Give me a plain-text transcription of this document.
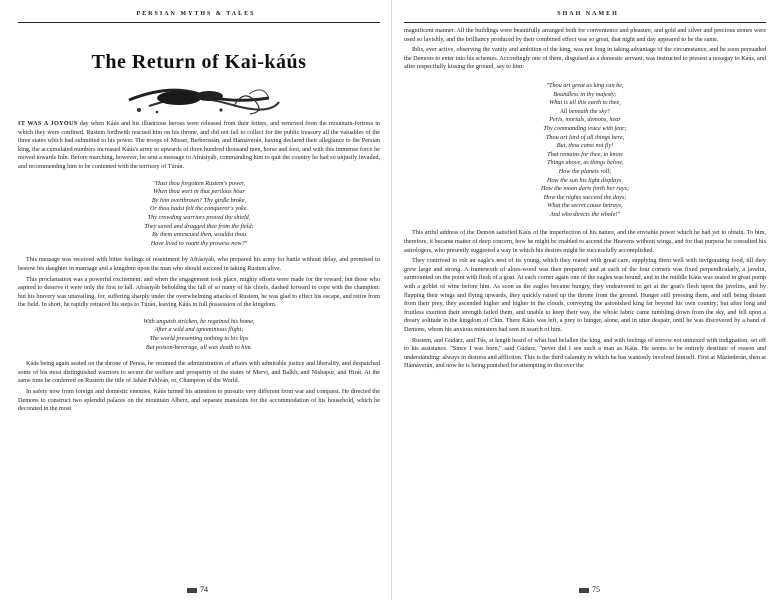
PERSIAN MYTHS & TALES
The Return of Kai-káús

IT WAS A JOYOUS day when Káús and his illustrious heroes were released from their fetters, and removed from the mountain-fortress in which they were confined. Rustem forthwith rescued him on his throne, and did not fail to collect for the public treasury all the valuables of the three states which had submitted to his power. The troops of Misser, Berberistán, and Hámáverán, having declared their allegiance to the Persian king, the accumulated numbers increased Káús's army to upwards of three hundred thousand men, horse and foot, and with this immense force he moved towards Irán. Before marching, however, he sent a message to Afrásiyáb, commanding him to quit the country he had so unjustly invaded, and recommending him to be contented with the territory of Túrán.

"Hast thou forgotten Rustem's power,
When thou wert in that perilous hour
By him overthrown? Thy girdle broke,
Or thou hadst felt the conqueror's yoke.
Thy crowding warriors proved thy shield,
They saved and dragged thee from the field;
By them unrescued then, wouldst thou
Have lived to vaunt thy prowess now?"

This message was received with bitter feelings of resentment by Afrásiyáb, who prepared his army for battle without delay, and promised to bestow his daughter in marriage and a kingdom upon the man who should succeed in taking Rustem alive.

This proclamation was a powerful excitement: and when the engagement took place, mighty efforts were made for the reward; but those who aspired to deserve it were only the first to fall. Afrásiyáb beholding the fall of so many of his chiefs, dashed forward to cope with the champion: but his bravery was unavailing, for, suffering sharply under the overwhelming attacks of Rustem, he was glad to effect his escape, and retire from the field. In short, he rapidly retraced his steps to Túrán, leaving Káús in full possession of the kingdom.

With anguish stricken, he regained his home,
After a wild and ignominious flight;
The world presenting nothing to his lips
But poison-beverage, all was death to him.

Káús being again seated on the throne of Persia, he resumed the administration of affairs with admirable justice and liberality, and despatched some of his most distinguished warriors to secure the welfare and prosperity of the states of Mervi, and Balkh, and Nishapúr, and Hirát. At the same time he conferred on Rustem the title of Jahán Pahlván, or, Champion of the World.

In safety now from foreign and domestic enemies, Káús turned his attention to pursuits very different from war and conquest. He directed the Demons to construct two splendid palaces on the mountain Alberz, and separate mansions for the accommodation of his household, which he decorated in the most

74
SHAH NAMEH

magnificent manner. All the buildings were beautifully arranged both for convenience and pleasure, and gold and silver and precious stones were used so lavishly, and the brilliancy produced by their combined effect was so great, that night and day appeared to be the same.

Iblis, ever active, observing the vanity and ambition of the king, was not long in taking advantage of the circumstance, and he soon persuaded the Demons to enter into his schemes. Accordingly one of them, disguised as a domestic servant, was instructed to present a nosegay to Káús, and after respectfully kissing the ground, say to him:

"Thou art great as king can be,
Boundless in thy majesty;
What is all this earth to thee,
All beneath the sky?
Peris, mortals, demons, hear
Thy commanding voice with fear;
Thou art lord of all things here,
But, thou canst not fly!
That remains for thee, to know
Things above, as things below,
How the planets roll;
How the sun his light displays,
How the moon darts forth her rays;
How the nights succeed the days;
What the secret cause betrays,
And who directs the whole!"

This artful address of the Demon satisfied Káús of the imperfection of his nature, and the enviable power which he had yet to obtain. To him, therefore, it became matter of deep concern, how he might be enabled to ascend the Heavens without wings, and for that purpose he consulted his astrologers, who presently suggested a way in which his desires might be successfully accomplished.

They contrived to rob an eagle's nest of its young, which they reared with great care, supplying them well with invigorating food, till they grew large and strong. A framework of aloes-wood was then prepared; and at each of the four corners was fixed perpendicularly, a javelin, surmounted on the point with flesh of a goat. At each corner again one of the eagles was bound, and in the middle Káús was seated in great pomp with a goblet of wine before him. As soon as the eagles became hungry, they endeavored to get at the goat's flesh upon the javelins, and by flapping their wings and flying upwards, they quickly raised up the throne from the ground. Hunger still pressing them, and still being distant from their prey, they ascended higher and higher in the clouds, conveying the astonished king far beyond his own country; but after long and fruitless exertion their strength failed them, and unable to keep their way, the whole fabric came tumbling down from the sky, and fell upon a dreary solitude in the kingdom of Chín. There Káús was left, a prey to hunger, alone, and in utter despair, until he was discovered by a band of Demons, whom his anxious ministers had sent in search of him.

Rustem, and Gúdarz, and Tús, at length heard of what had befallen the king, and with feelings of sorrow not unmixed with indignation, set off to his assistance. "Since I was born," said Gúdarz, "never did I see such a man as Káús. He seems to be entirely destitute of reason and understanding: always in distress and affliction. This is the third calamity in which he has wantonly involved himself. First at Mázinderán, then at Hámáverán, and now he is being punished for attempting to discover the

75
